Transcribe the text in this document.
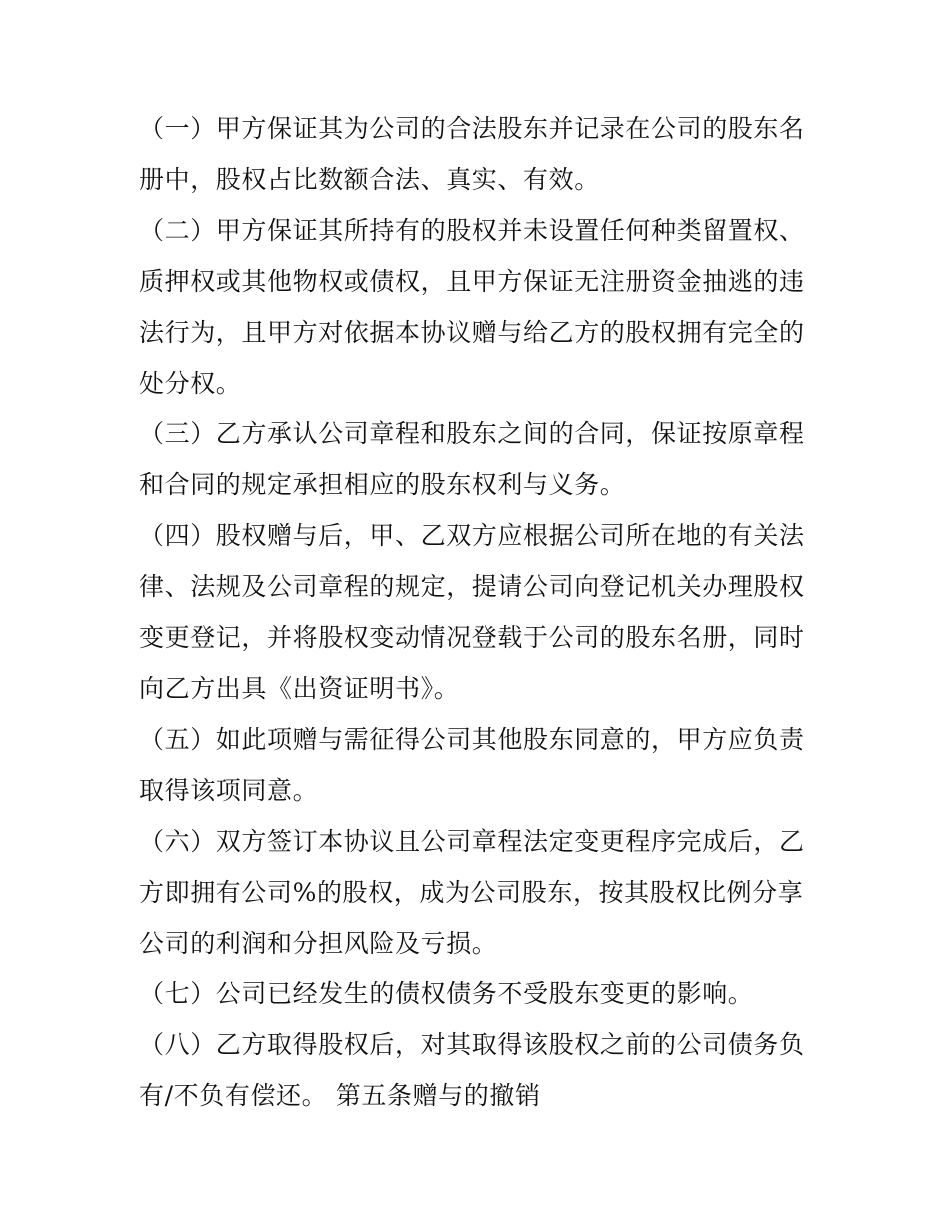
（一）甲方保证其为公司的合法股东并记录在公司的股东名册中，股权占比数额合法、真实、有效。

（二）甲方保证其所持有的股权并未设置任何种类留置权、质押权或其他物权或债权，且甲方保证无注册资金抽逃的违法行为，且甲方对依据本协议赠与给乙方的股权拥有完全的处分权。

（三）乙方承认公司章程和股东之间的合同，保证按原章程和合同的规定承担相应的股东权利与义务。

（四）股权赠与后，甲、乙双方应根据公司所在地的有关法律、法规及公司章程的规定，提请公司向登记机关办理股权变更登记，并将股权变动情况登载于公司的股东名册，同时向乙方出具《出资证明书》。

（五）如此项赠与需征得公司其他股东同意的，甲方应负责取得该项同意。

（六）双方签订本协议且公司章程法定变更程序完成后，乙方即拥有公司%的股权，成为公司股东，按其股权比例分享公司的利润和分担风险及亏损。

（七）公司已经发生的债权债务不受股东变更的影响。

（八）乙方取得股权后，对其取得该股权之前的公司债务负有/不负有偿还。 第五条赠与的撤销
